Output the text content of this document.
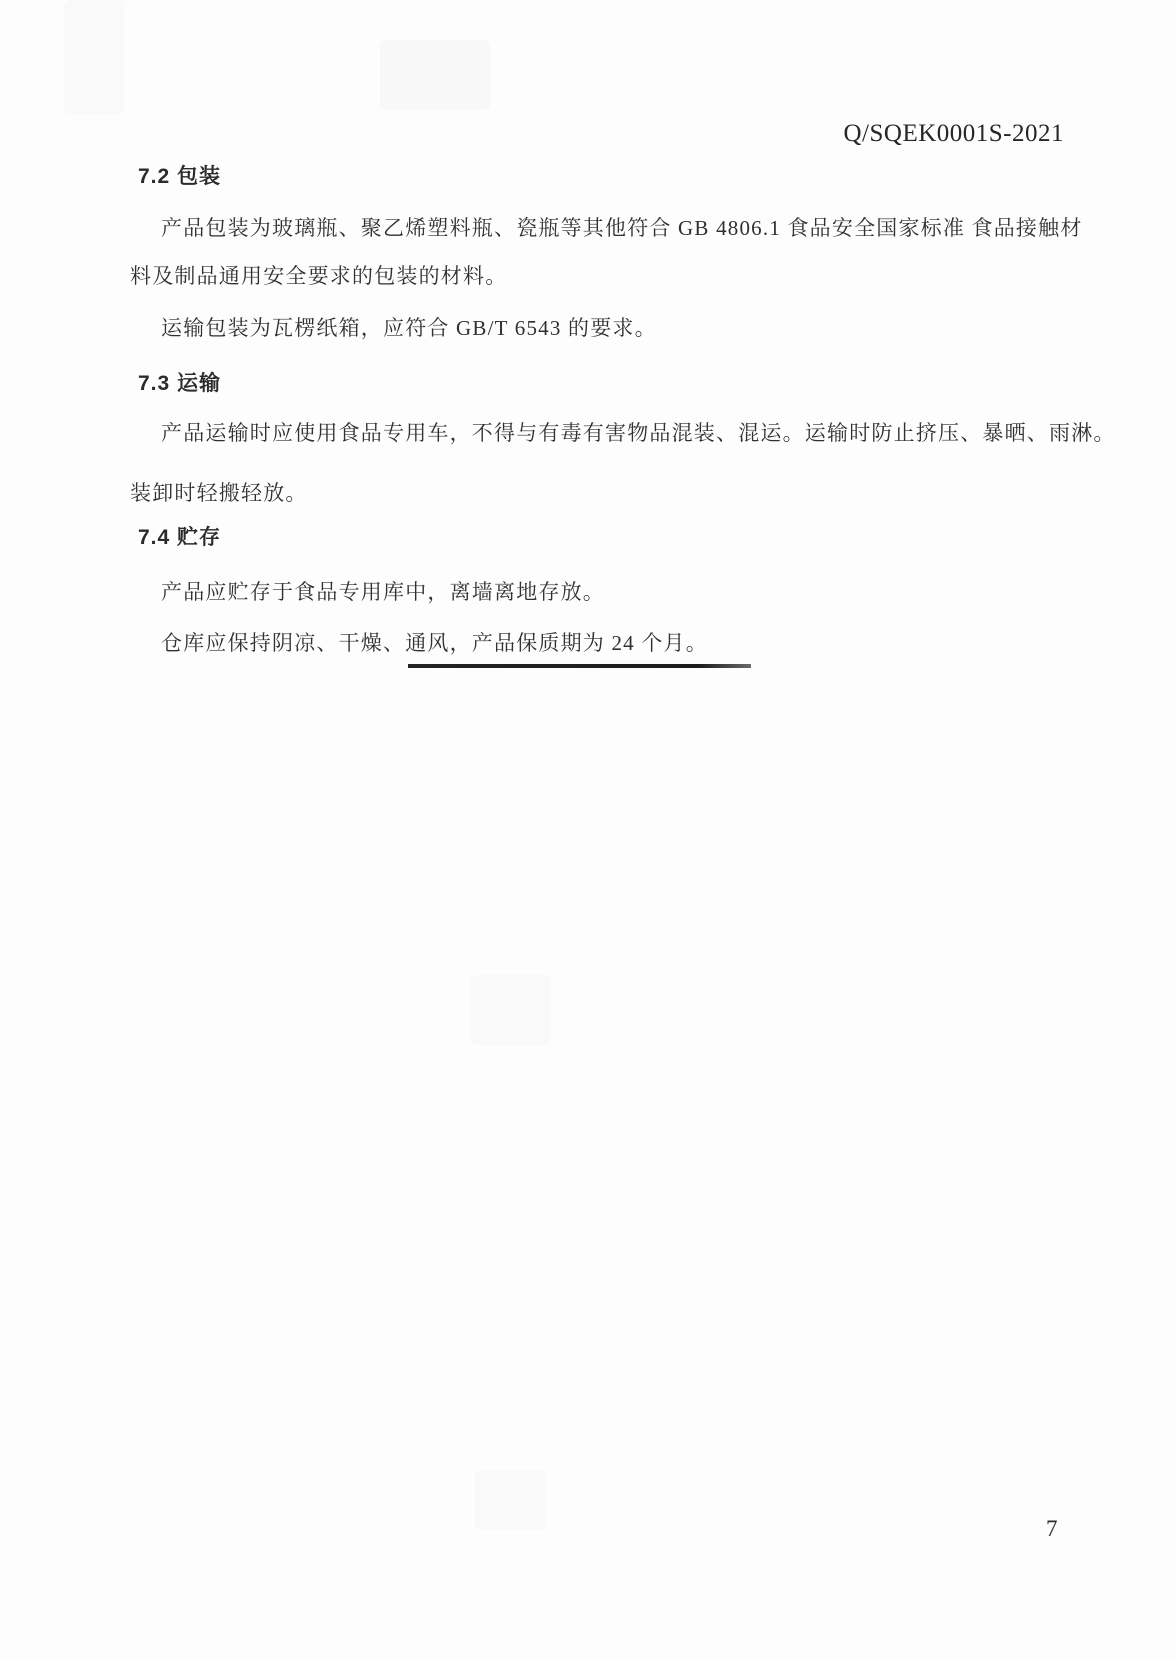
Q/SQEK0001S-2021
7.2 包装

产品包装为玻璃瓶、聚乙烯塑料瓶、瓷瓶等其他符合 GB 4806.1 食品安全国家标准 食品接触材

料及制品通用安全要求的包装的材料。

运输包装为瓦楞纸箱，应符合 GB/T 6543 的要求。

7.3 运输

产品运输时应使用食品专用车，不得与有毒有害物品混装、混运。运输时防止挤压、暴晒、雨淋。

装卸时轻搬轻放。

7.4 贮存

产品应贮存于食品专用库中，离墙离地存放。

仓库应保持阴凉、干燥、通风，产品保质期为 24 个月。

7
